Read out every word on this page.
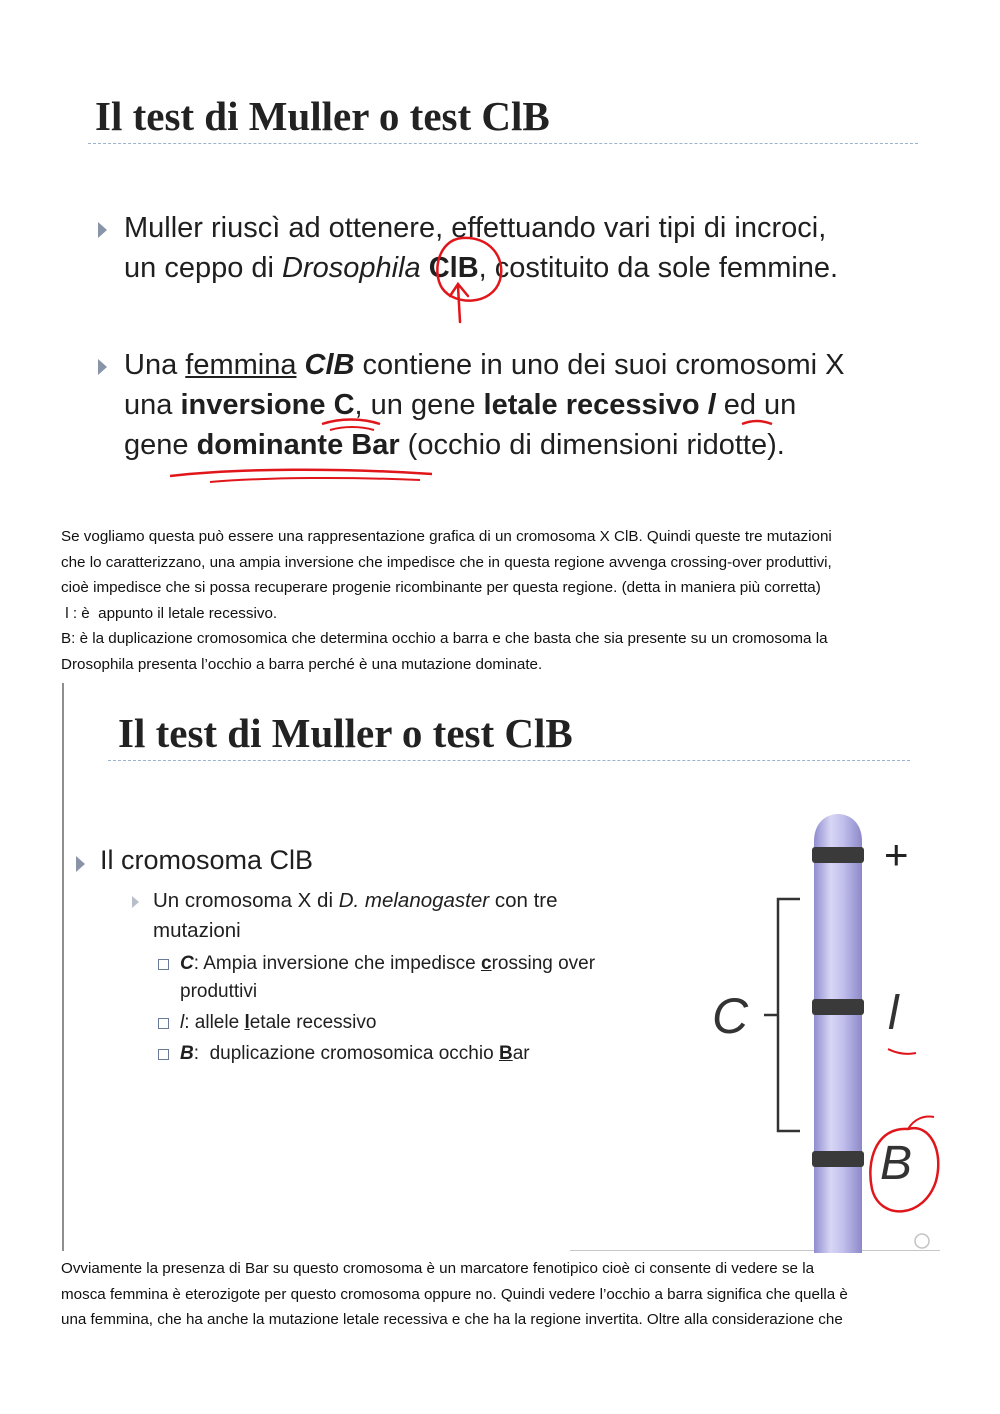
Il test di Muller o test ClB
Muller riuscì ad ottenere, effettuando vari tipi di incroci,
un ceppo di Drosophila ClB, costituito da sole femmine.
Una femmina ClB contiene in uno dei suoi cromosomi X
una inversione C, un gene letale recessivo l ed un
gene dominante Bar (occhio di dimensioni ridotte).

Se vogliamo questa può essere una rappresentazione grafica di un cromosoma X ClB. Quindi queste tre mutazioni

che lo caratterizzano, una ampia inversione che impedisce che in questa regione avvenga crossing-over produttivi,

cioè impedisce che si possa recuperare progenie ricombinante per questa regione. (detta in maniera più corretta)

l : è  appunto il letale recessivo.

B: è la duplicazione cromosomica che determina occhio a barra e che basta che sia presente su un cromosoma la

Drosophila presenta l’occhio a barra perché è una mutazione dominate.

Il test di Muller o test ClB
Il cromosoma ClB
Un cromosoma X di D. melanogaster con tre mutazioni
C: Ampia inversione che impedisce crossing over produttivi
l: allele letale recessivo
B:  duplicazione cromosomica occhio Bar
+
C	l
B

Ovviamente la presenza di Bar su questo cromosoma è un marcatore fenotipico cioè ci consente di vedere se la

mosca femmina è eterozigote per questo cromosoma oppure no. Quindi vedere l’occhio a barra significa che quella è

una femmina, che ha anche la mutazione letale recessiva e che ha la regione invertita. Oltre alla considerazione che
